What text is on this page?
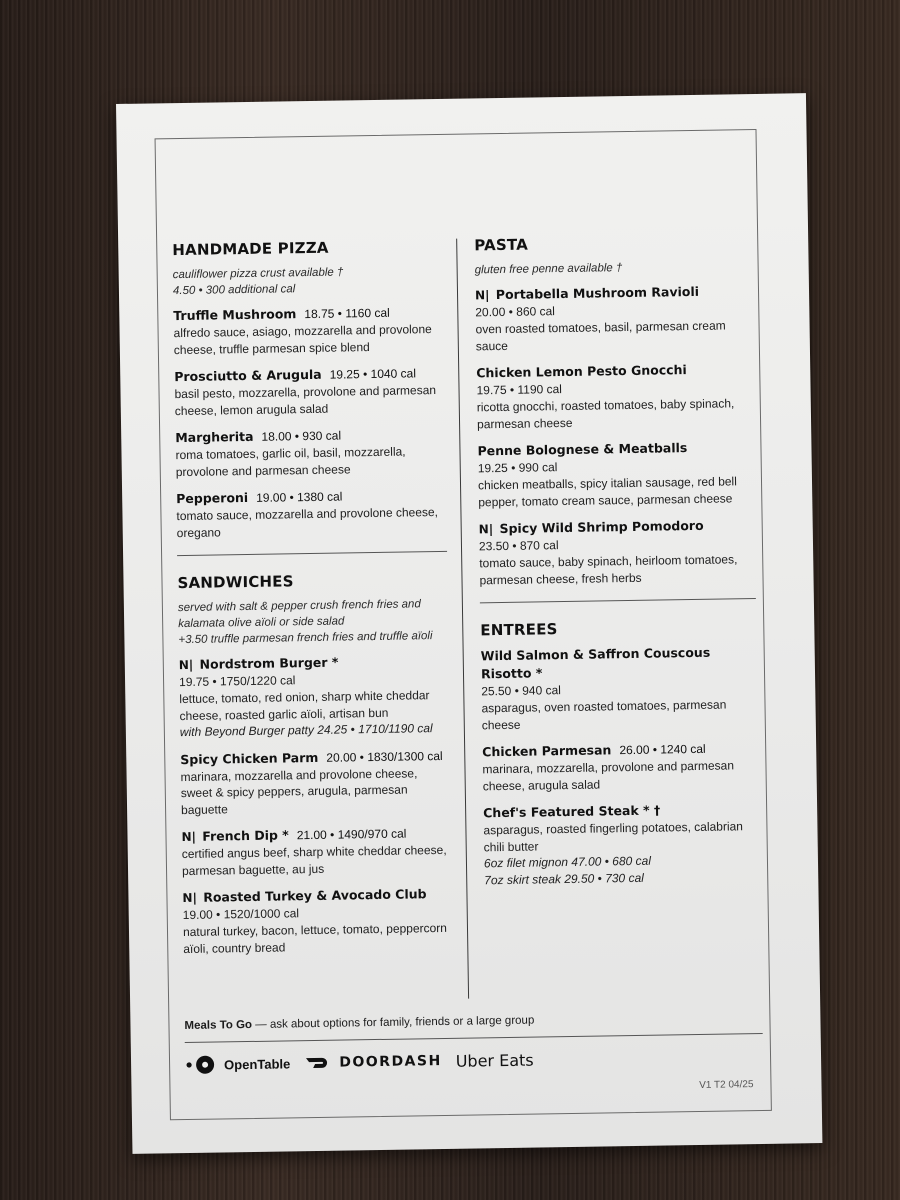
HANDMADE PIZZA
cauliflower pizza crust available †
4.50 • 300 additional cal
Truffle Mushroom 18.75 • 1160 cal
alfredo sauce, asiago, mozzarella and provolone cheese, truffle parmesan spice blend
Prosciutto & Arugula 19.25 • 1040 cal
basil pesto, mozzarella, provolone and parmesan cheese, lemon arugula salad
Margherita 18.00 • 930 cal
roma tomatoes, garlic oil, basil, mozzarella, provolone and parmesan cheese
Pepperoni 19.00 • 1380 cal
tomato sauce, mozzarella and provolone cheese, oregano
SANDWICHES
served with salt & pepper crush french fries and
kalamata olive aïoli or side salad
+3.50 truffle parmesan french fries and truffle aïoli
N| Nordstrom Burger *
19.75 • 1750/1220 cal
lettuce, tomato, red onion, sharp white cheddar cheese, roasted garlic aïoli, artisan bun
with Beyond Burger patty 24.25 • 1710/1190 cal
Spicy Chicken Parm 20.00 • 1830/1300 cal
marinara, mozzarella and provolone cheese, sweet & spicy peppers, arugula, parmesan baguette
N| French Dip * 21.00 • 1490/970 cal
certified angus beef, sharp white cheddar cheese, parmesan baguette, au jus
N| Roasted Turkey & Avocado Club
19.00 • 1520/1000 cal
natural turkey, bacon, lettuce, tomato, peppercorn aïoli, country bread
PASTA
gluten free penne available †
N| Portabella Mushroom Ravioli
20.00 • 860 cal
oven roasted tomatoes, basil, parmesan cream sauce
Chicken Lemon Pesto Gnocchi
19.75 • 1190 cal
ricotta gnocchi, roasted tomatoes, baby spinach, parmesan cheese
Penne Bolognese & Meatballs
19.25 • 990 cal
chicken meatballs, spicy italian sausage, red bell pepper, tomato cream sauce, parmesan cheese
N| Spicy Wild Shrimp Pomodoro
23.50 • 870 cal
tomato sauce, baby spinach, heirloom tomatoes, parmesan cheese, fresh herbs
ENTREES
Wild Salmon & Saffron Couscous Risotto *
25.50 • 940 cal
asparagus, oven roasted tomatoes, parmesan cheese
Chicken Parmesan 26.00 • 1240 cal
marinara, mozzarella, provolone and parmesan cheese, arugula salad
Chef's Featured Steak * †
asparagus, roasted fingerling potatoes, calabrian chili butter
6oz filet mignon 47.00 • 680 cal
7oz skirt steak 29.50 • 730 cal
Meals To Go — ask about options for family, friends or a large group
OpenTable	DOORDASH Uber Eats
V1 T2 04/25
